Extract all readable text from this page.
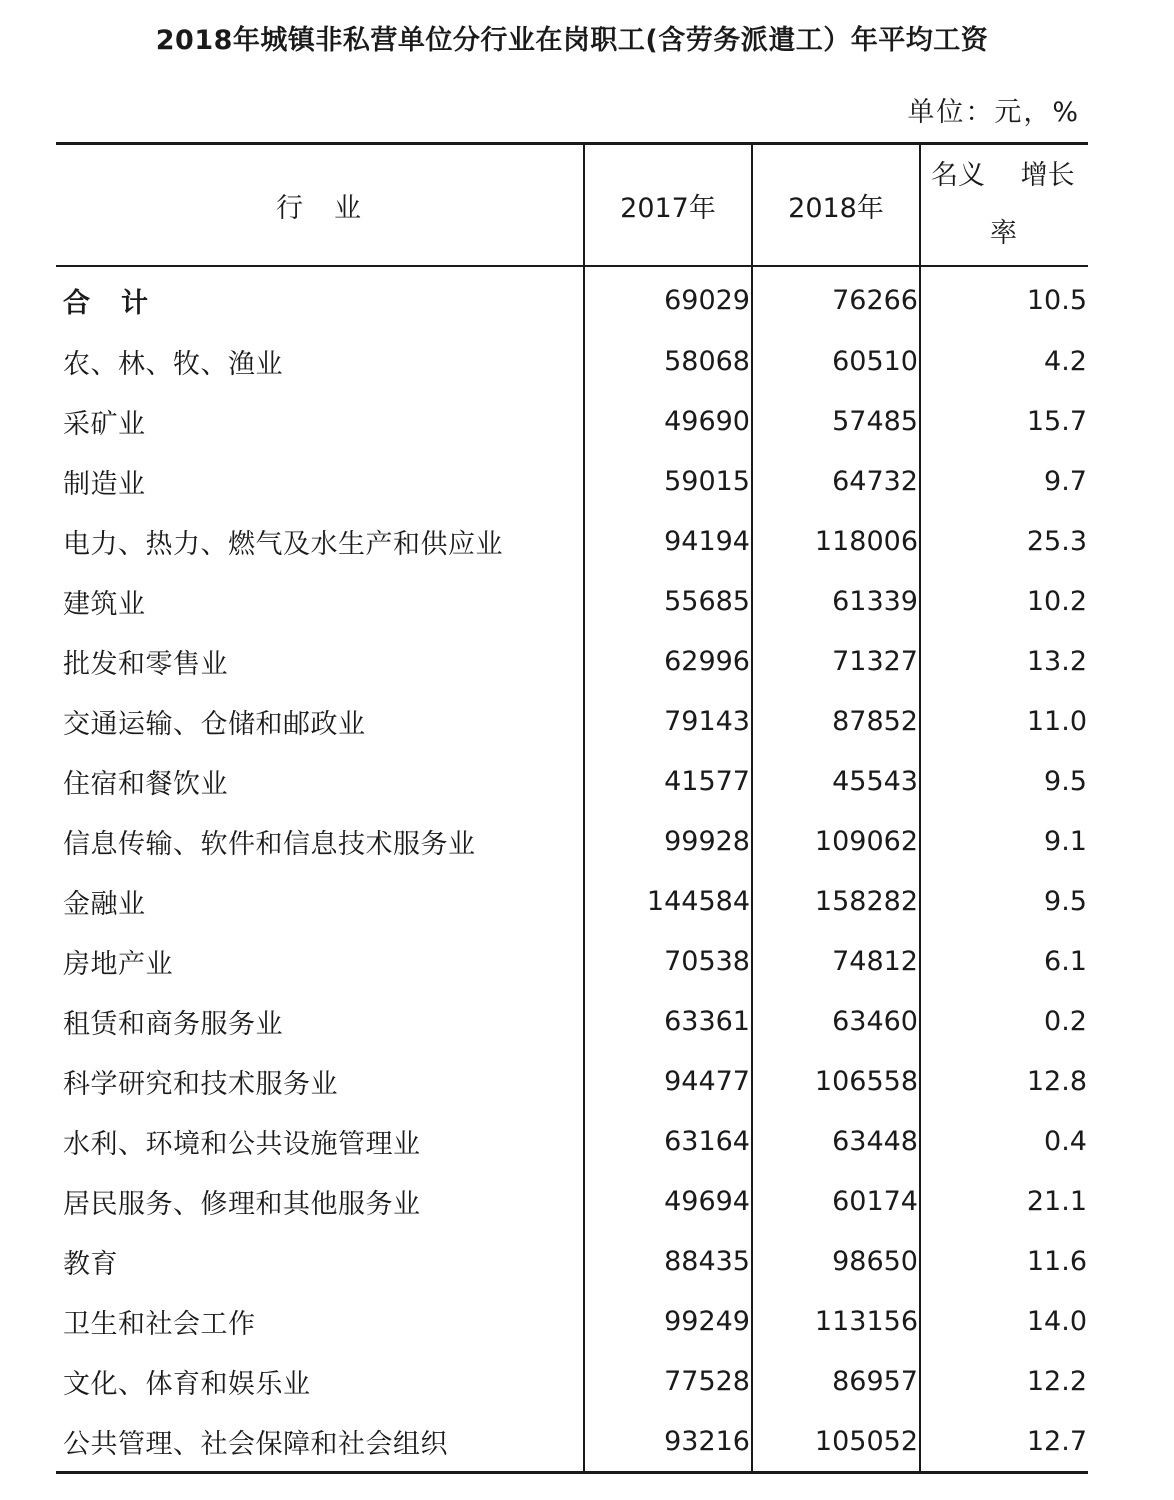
2018年城镇非私营单位分行业在岗职工(含劳务派遣工）年平均工资
单位：元，%
行　业	2017年	2018年	名义　 增长
率

合　计	69029	76266	10.5
农、林、牧、渔业	58068	60510	4.2
采矿业	49690	57485	15.7
制造业	59015	64732	9.7
电力、热力、燃气及水生产和供应业	94194	118006	25.3
建筑业	55685	61339	10.2
批发和零售业	62996	71327	13.2
交通运输、仓储和邮政业	79143	87852	11.0
住宿和餐饮业	41577	45543	9.5
信息传输、软件和信息技术服务业	99928	109062	9.1
金融业	144584	158282	9.5
房地产业	70538	74812	6.1
租赁和商务服务业	63361	63460	0.2
科学研究和技术服务业	94477	106558	12.8
水利、环境和公共设施管理业	63164	63448	0.4
居民服务、修理和其他服务业	49694	60174	21.1
教育	88435	98650	11.6
卫生和社会工作	99249	113156	14.0
文化、体育和娱乐业	77528	86957	12.2
公共管理、社会保障和社会组织	93216	105052	12.7
